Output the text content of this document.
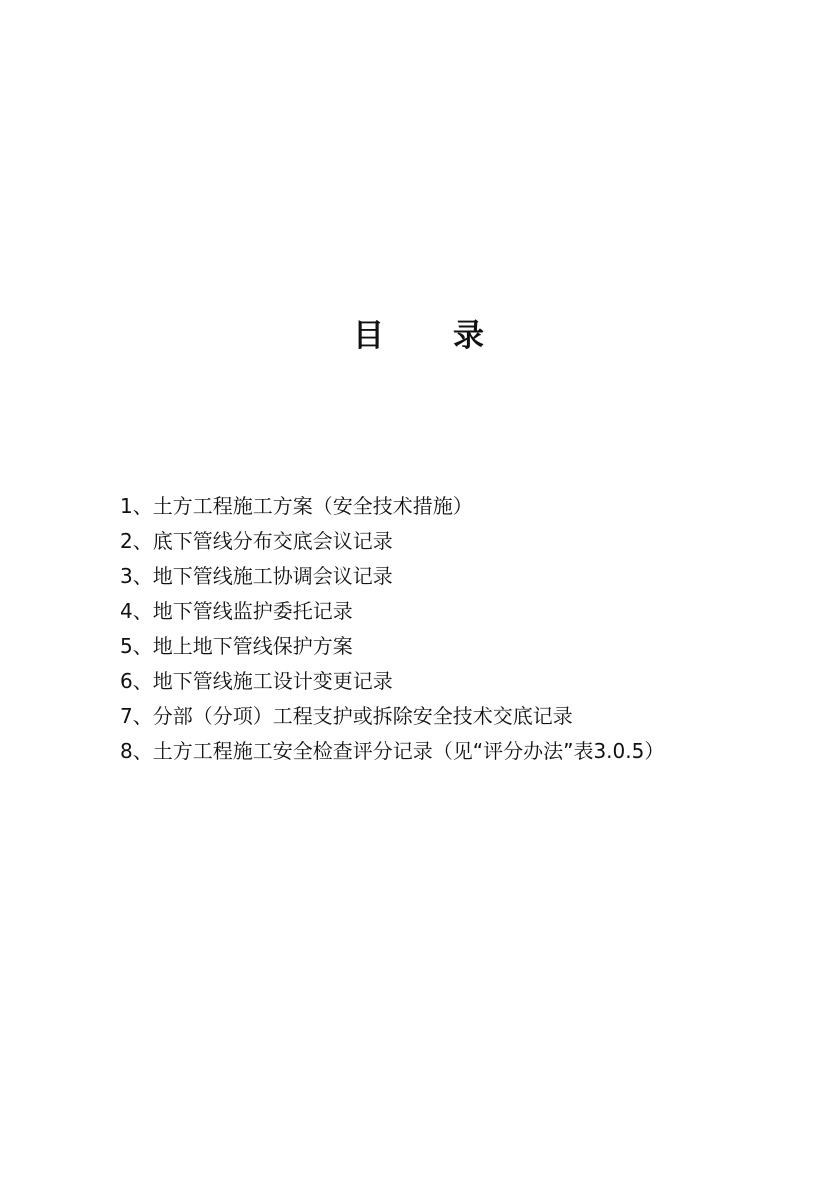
目 录
1、土方工程施工方案（安全技术措施）
2、底下管线分布交底会议记录
3、地下管线施工协调会议记录
4、地下管线监护委托记录
5、地上地下管线保护方案
6、地下管线施工设计变更记录
7、分部（分项）工程支护或拆除安全技术交底记录
8、土方工程施工安全检查评分记录（见“评分办法”表3.0.5）
